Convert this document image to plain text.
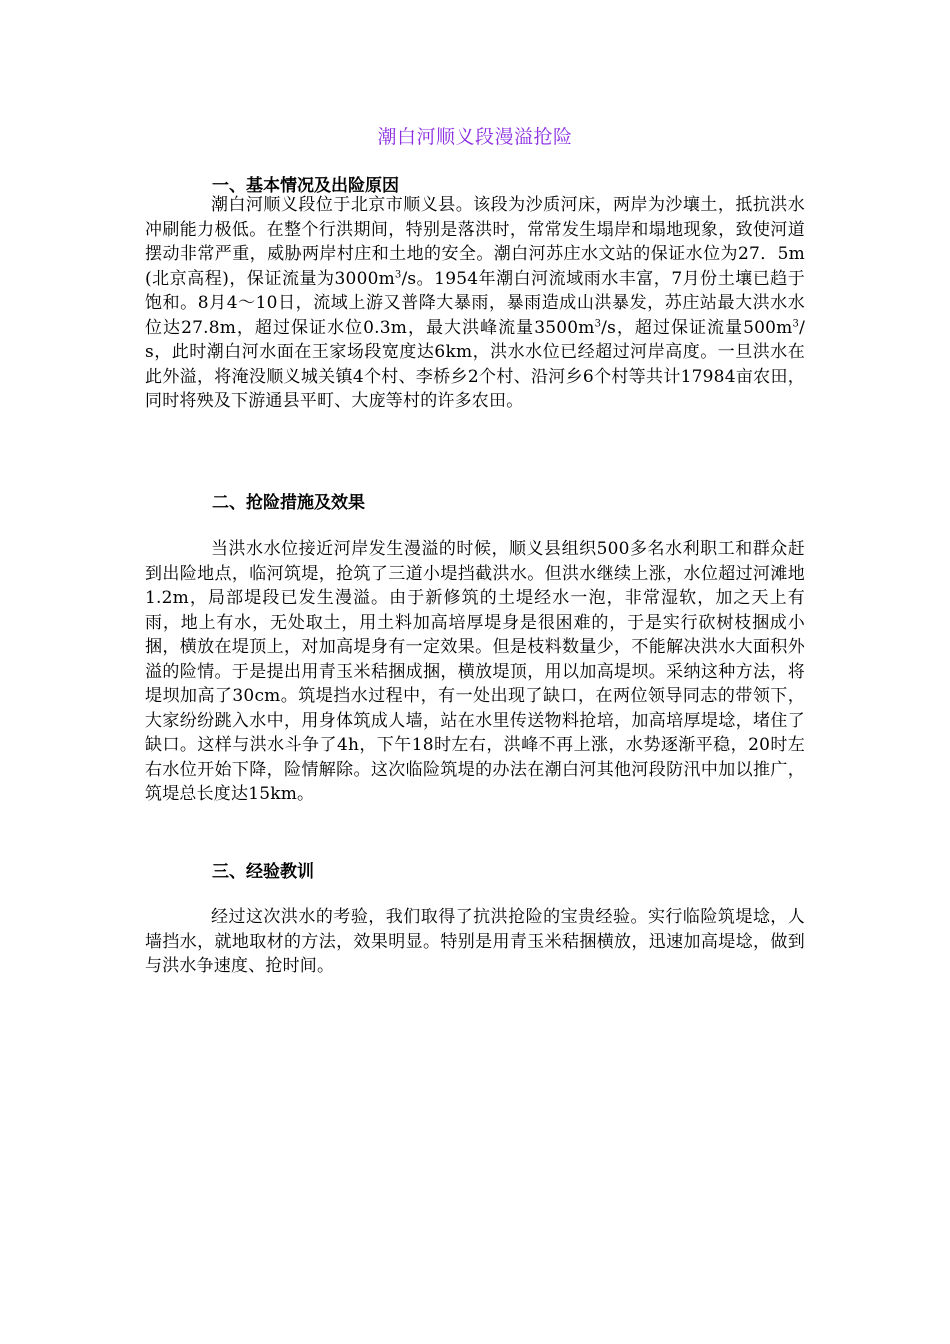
潮白河顺义段漫溢抢险
一、基本情况及出险原因

潮白河顺义段位于北京市顺义县。该段为沙质河床，两岸为沙壤土，抵抗洪水冲刷能力极低。在整个行洪期间，特别是落洪时，常常发生塌岸和塌地现象，致使河道摆动非常严重，威胁两岸村庄和土地的安全。潮白河苏庄水文站的保证水位为27．5m(北京高程)，保证流量为$3000m^3/s$。1954年潮白河流域雨水丰富，7月份土壤已趋于饱和。8月4～10日，流域上游又普降大暴雨，暴雨造成山洪暴发，苏庄站最大洪水水位达27.8m，超过保证水位0.3m，最大洪峰流量$3500m^3/s$，超过保证流量$500m^3/s$，此时潮白河水面在王家场段宽度达6km，洪水水位已经超过河岸高度。一旦洪水在此外溢，将淹没顺义城关镇4个村、李桥乡2个村、沿河乡6个村等共计17984亩农田，同时将殃及下游通县平町、大庞等村的许多农田。

二、抢险措施及效果

当洪水水位接近河岸发生漫溢的时候，顺义县组织500多名水利职工和群众赶到出险地点，临河筑堤，抢筑了三道小堤挡截洪水。但洪水继续上涨，水位超过河滩地1.2m，局部堤段已发生漫溢。由于新修筑的土堤经水一泡，非常湿软，加之天上有雨，地上有水，无处取土，用土料加高培厚堤身是很困难的，于是实行砍树枝捆成小捆，横放在堤顶上，对加高堤身有一定效果。但是枝料数量少，不能解决洪水大面积外溢的险情。于是提出用青玉米秸捆成捆，横放堤顶，用以加高堤坝。采纳这种方法，将堤坝加高了30cm。筑堤挡水过程中，有一处出现了缺口，在两位领导同志的带领下，大家纷纷跳入水中，用身体筑成人墙，站在水里传送物料抢培，加高培厚堤埝，堵住了缺口。这样与洪水斗争了4h，下午18时左右，洪峰不再上涨，水势逐渐平稳，20时左右水位开始下降，险情解除。这次临险筑堤的办法在潮白河其他河段防汛中加以推广，筑堤总长度达15km。

三、经验教训

经过这次洪水的考验，我们取得了抗洪抢险的宝贵经验。实行临险筑堤埝，人墙挡水，就地取材的方法，效果明显。特别是用青玉米秸捆横放，迅速加高堤埝，做到与洪水争速度、抢时间。
